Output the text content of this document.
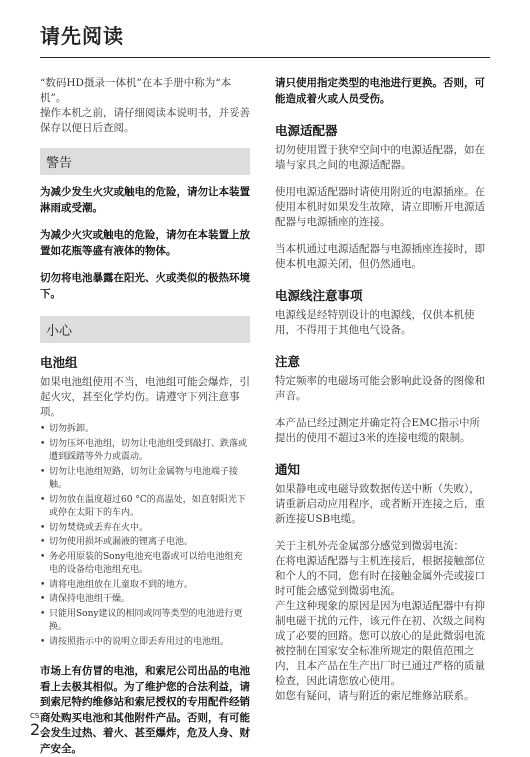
请先阅读

“数码HD摄录一体机”在本手册中称为“本机”。

操作本机之前，请仔细阅读本说明书，并妥善保存以便日后查阅。

警告

为减少发生火灾或触电的危险，请勿让本装置淋雨或受潮。

为减少火灾或触电的危险，请勿在本装置上放置如花瓶等盛有液体的物体。

切勿将电池暴露在阳光、火或类似的极热环境下。

小心
电池组

如果电池组使用不当，电池组可能会爆炸，引起火灾，甚至化学灼伤。请遵守下列注意事项。

• 切勿拆卸。
• 切勿压坏电池组，切勿让电池组受到敲打、跌落或遭到踩踏等外力或震动。
• 切勿让电池组短路，切勿让金属物与电池端子接触。
• 切勿放在温度超过60 °C的高温处，如直射阳光下或停在太阳下的车内。
• 切勿焚烧或丢弃在火中。
• 切勿使用损坏或漏液的锂离子电池。
• 务必用原装的Sony电池充电器或可以给电池组充电的设备给电池组充电。
• 请将电池组放在儿童取不到的地方。
• 请保持电池组干燥。
• 只能用Sony建议的相同或同等类型的电池进行更换。
• 请按照指示中的说明立即丢弃用过的电池组。

市场上有仿冒的电池，和索尼公司出品的电池看上去极其相似。为了维护您的合法利益，请到索尼特约维修站和索尼授权的专用配件经销商处购买电池和其他附件产品。否则，有可能会发生过热、着火、甚至爆炸，危及人身、财产安全。

请只使用指定类型的电池进行更换。否则，可能造成着火或人员受伤。

电源适配器

切勿使用置于狭窄空间中的电源适配器，如在墙与家具之间的电源适配器。

使用电源适配器时请使用附近的电源插座。在使用本机时如果发生故障，请立即断开电源适配器与电源插座的连接。

当本机通过电源适配器与电源插座连接时，即使本机电源关闭，但仍然通电。

电源线注意事项

电源线是经特别设计的电源线，仅供本机使用，不得用于其他电气设备。

注意

特定频率的电磁场可能会影响此设备的图像和声音。

本产品已经过测定并确定符合EMC指示中所提出的使用不超过3米的连接电缆的限制。

通知

如果静电或电磁导致数据传送中断（失败），请重新启动应用程序，或者断开连接之后，重新连接USB电缆。

关于主机外壳金属部分感觉到微弱电流：

在将电源适配器与主机连接后，根据接触部位和个人的不同，您有时在接触金属外壳或接口时可能会感觉到微弱电流。

产生这种现象的原因是因为电源适配器中有抑制电磁干扰的元件，该元件在初、次级之间构成了必要的回路。您可以放心的是此微弱电流被控制在国家安全标准所规定的限值范围之内，且本产品在生产出厂时已通过严格的质量检查，因此请您放心使用。

如您有疑问，请与附近的索尼维修站联系。

CS
2
